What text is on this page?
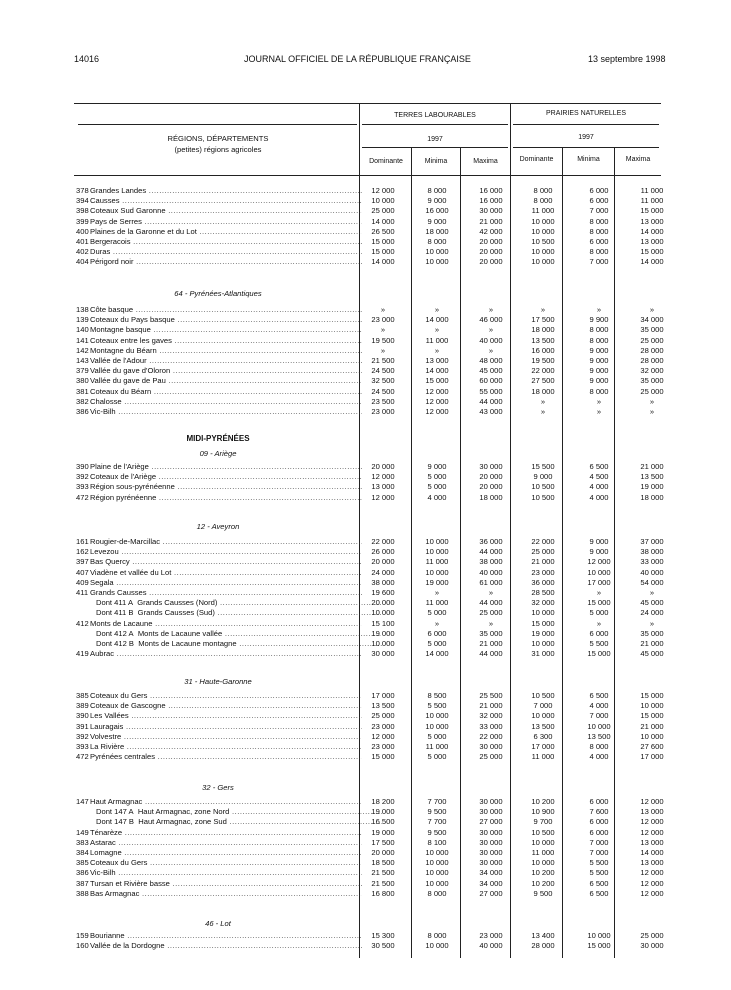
14016	JOURNAL OFFICIEL DE LA RÉPUBLIQUE FRANÇAISE	13 septembre 1998
RÉGIONS, DÉPARTEMENTS
(petites) régions agricoles
TERRES LABOURABLES	PRAIRIES NATURELLES
1997	1997
Dominante	Minima	Maxima	Dominante	Minima	Maxima
378 Grandes Landes .....	12 000	8 000	16 000	8 000	6 000	11 000
394 Causses .....	10 000	9 000	16 000	8 000	6 000	11 000
398 Coteaux Sud Garonne .....	25 000	16 000	30 000	11 000	7 000	15 000
399 Pays de Serres .....	14 000	9 000	21 000	10 000	8 000	13 000
400 Plaines de la Garonne et du Lot .....	26 500	18 000	42 000	10 000	8 000	14 000
401 Bergeracois .....	15 000	8 000	20 000	10 500	6 000	13 000
402 Duras .....	15 000	10 000	20 000	10 000	8 000	15 000
404 Périgord noir .....	14 000	10 000	20 000	10 000	7 000	14 000
64 - Pyrénées-Atlantiques
138 Côte basque .....	»	»	»	»	»	»
139 Coteaux du Pays basque .....	23 000	14 000	46 000	17 500	9 900	34 000
140 Montagne basque .....	»	»	»	18 000	8 000	35 000
141 Coteaux entre les gaves .....	19 500	11 000	40 000	13 500	8 000	25 000
142 Montagne du Béarn .....	»	»	»	16 000	9 000	28 000
143 Vallée de l'Adour .....	21 500	13 000	48 000	19 500	9 000	28 000
379 Vallée du gave d'Oloron .....	24 500	14 000	45 000	22 000	9 000	32 000
380 Vallée du gave de Pau .....	32 500	15 000	60 000	27 500	9 000	35 000
381 Coteaux du Béarn .....	24 500	12 000	55 000	18 000	8 000	25 000
382 Chalosse .....	23 500	12 000	44 000	»	»	»
386 Vic-Bilh .....	23 000	12 000	43 000	»	»	»
MIDI-PYRÉNÉES
09 - Ariège
390 Plaine de l'Ariège .....	20 000	9 000	30 000	15 500	6 500	21 000
392 Coteaux de l'Ariège .....	12 000	5 000	20 000	9 000	4 500	13 500
393 Région sous-pyrénéenne .....	13 000	5 000	20 000	10 500	4 000	19 000
472 Région pyrénéenne .....	12 000	4 000	18 000	10 500	4 000	18 000
12 - Aveyron
161 Rougier-de-Marcillac .....	22 000	10 000	36 000	22 000	9 000	37 000
162 Levezou .....	26 000	10 000	44 000	25 000	9 000	38 000
397 Bas Quercy .....	20 000	11 000	38 000	21 000	12 000	33 000
407 Viadène et vallée du Lot .....	24 000	10 000	40 000	23 000	10 000	40 000
409 Segala .....	38 000	19 000	61 000	36 000	17 000	54 000
411 Grands Causses .....	19 600	»	»	28 500	»	»
Dont 411 A Grands Causses (Nord) .....	20 000	11 000	44 000	32 000	15 000	45 000
Dont 411 B Grands Causses (Sud) .....	10 000	5 000	25 000	10 000	5 000	24 000
412 Monts de Lacaune .....	15 100	»	»	15 000	»	»
Dont 412 A Monts de Lacaune vallée .....	19 000	6 000	35 000	19 000	6 000	35 000
Dont 412 B Monts de Lacaune montagne .....	10 000	5 000	21 000	10 000	5 500	21 000
419 Aubrac .....	30 000	14 000	44 000	31 000	15 000	45 000
31 - Haute-Garonne
385 Coteaux du Gers .....	17 000	8 500	25 500	10 500	6 500	15 000
389 Coteaux de Gascogne .....	13 500	5 500	21 000	7 000	4 000	10 000
390 Les Vallées .....	25 000	10 000	32 000	10 000	7 000	15 000
391 Lauragais .....	23 000	10 000	33 000	13 500	10 000	21 000
392 Volvestre .....	12 000	5 000	22 000	6 300	13 500	10 000
393 La Rivière .....	23 000	11 000	30 000	17 000	8 000	27 600
472 Pyrénées centrales .....	15 000	5 000	25 000	11 000	4 000	17 000
32 - Gers
147 Haut Armagnac .....	18 200	7 700	30 000	10 200	6 000	12 000
Dont 147 A Haut Armagnac, zone Nord .....	19 000	9 500	30 000	10 900	7 600	13 000
Dont 147 B Haut Armagnac, zone Sud .....	16 500	7 700	27 000	9 700	6 000	12 000
149 Ténarèze .....	19 000	9 500	30 000	10 500	6 000	12 000
383 Astarac .....	17 500	8 100	30 000	10 000	7 000	13 000
384 Lomagne .....	20 000	10 000	30 000	11 000	7 000	14 000
385 Coteaux du Gers .....	18 500	10 000	30 000	10 000	5 500	13 000
386 Vic-Bilh .....	21 500	10 000	34 000	10 200	5 500	12 000
387 Tursan et Rivière basse .....	21 500	10 000	34 000	10 200	6 500	12 000
388 Bas Armagnac .....	16 800	8 000	27 000	9 500	6 500	12 000
46 - Lot
159 Bourianne .....	15 300	8 000	23 000	13 400	10 000	25 000
160 Vallée de la Dordogne .....	30 500	10 000	40 000	28 000	15 000	30 000
